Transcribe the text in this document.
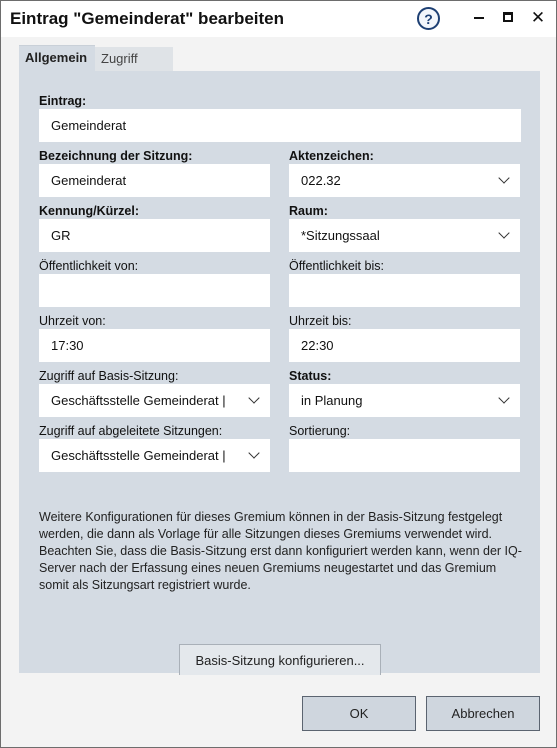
Eintrag "Gemeinderat" bearbeiten	?	✕
Allgemein	Zugriff
Eintrag:
Gemeinderat
Bezeichnung der Sitzung:
Gemeinderat
Aktenzeichen:
022.32
Kennung/Kürzel:
GR
Raum:
*Sitzungssaal
Öffentlichkeit von:	Öffentlichkeit bis:
Uhrzeit von:
17:30
Uhrzeit bis:
22:30
Zugriff auf Basis-Sitzung:
Geschäftsstelle Gemeinderat |
Status:
in Planung
Zugriff auf abgeleitete Sitzungen:
Geschäftsstelle Gemeinderat |
Sortierung:

Weitere Konfigurationen für dieses Gremium können in der Basis-Sitzung festgelegt werden, die dann als Vorlage für alle Sitzungen dieses Gremiums verwendet wird.

Beachten Sie, dass die Basis-Sitzung erst dann konfiguriert werden kann, wenn der IQ-Server nach der Erfassung eines neuen Gremiums neugestartet und das Gremium somit als Sitzungsart registriert wurde.

Basis-Sitzung konfigurieren...
OK	Abbrechen
